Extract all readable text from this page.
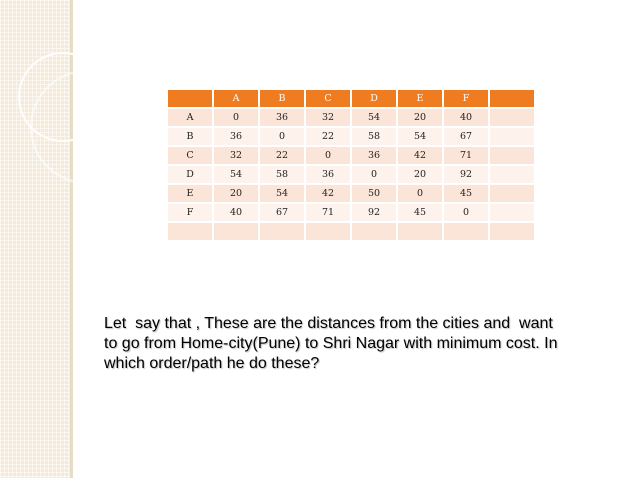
	A	B	C	D	E	F	
A	0	36	32	54	20	40	
B	36	0	22	58	54	67	
C	32	22	0	36	42	71	
D	54	58	36	0	20	92	
E	20	54	42	50	0	45	
F	40	67	71	92	45	0	

Let  say that , These are the distances from the cities and  want
to go from Home-city(Pune) to Shri Nagar with minimum cost. In
which order/path he do these?
